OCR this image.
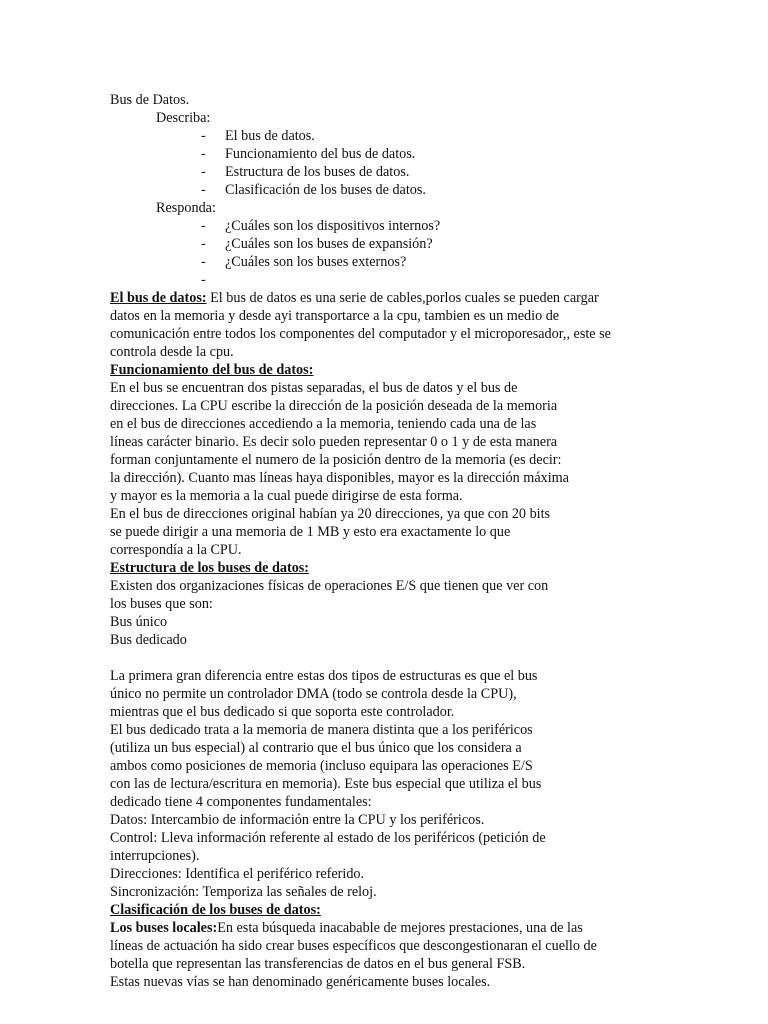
Bus de Datos.
Describa:
- El bus de datos.
- Funcionamiento del bus de datos.
- Estructura de los buses de datos.
- Clasificación de los buses de datos.
Responda:
- ¿Cuáles son los dispositivos internos?
- ¿Cuáles son los buses de expansión?
- ¿Cuáles son los buses externos?
-
El bus de datos: El bus de datos es una serie de cables,porlos cuales se pueden cargar
datos en la memoria y desde ayi transportarce a la cpu, tambien es un medio de
comunicación entre todos los componentes del computador y el microporesador,, este se
controla desde la cpu.
Funcionamiento del bus de datos:
En el bus se encuentran dos pistas separadas, el bus de datos y el bus de
direcciones. La CPU escribe la dirección de la posición deseada de la memoria
en el bus de direcciones accediendo a la memoria, teniendo cada una de las
líneas carácter binario. Es decir solo pueden representar 0 o 1 y de esta manera
forman conjuntamente el numero de la posición dentro de la memoria (es decir:
la dirección). Cuanto mas líneas haya disponibles, mayor es la dirección máxima
y mayor es la memoria a la cual puede dirigirse de esta forma.
En el bus de direcciones original habían ya 20 direcciones, ya que con 20 bits
se puede dirigir a una memoria de 1 MB y esto era exactamente lo que
correspondía a la CPU.
Estructura de los buses de datos:
Existen dos organizaciones físicas de operaciones E/S que tienen que ver con
los buses que son:
Bus único
Bus dedicado
La primera gran diferencia entre estas dos tipos de estructuras es que el bus
único no permite un controlador DMA (todo se controla desde la CPU),
mientras que el bus dedicado si que soporta este controlador.
El bus dedicado trata a la memoria de manera distinta que a los periféricos
(utiliza un bus especial) al contrario que el bus único que los considera a
ambos como posiciones de memoria (incluso equipara las operaciones E/S
con las de lectura/escritura en memoria). Este bus especial que utiliza el bus
dedicado tiene 4 componentes fundamentales:
Datos: Intercambio de información entre la CPU y los periféricos.
Control: Lleva información referente al estado de los periféricos (petición de
interrupciones).
Direcciones: Identifica el periférico referido.
Sincronización: Temporiza las señales de reloj.
Clasificación de los buses de datos:
Los buses locales:En esta búsqueda inacabable de mejores prestaciones, una de las
líneas de actuación ha sido crear buses específicos que descongestionaran el cuello de
botella que representan las transferencias de datos en el bus general FSB.
Estas nuevas vías se han denominado genéricamente buses locales.
